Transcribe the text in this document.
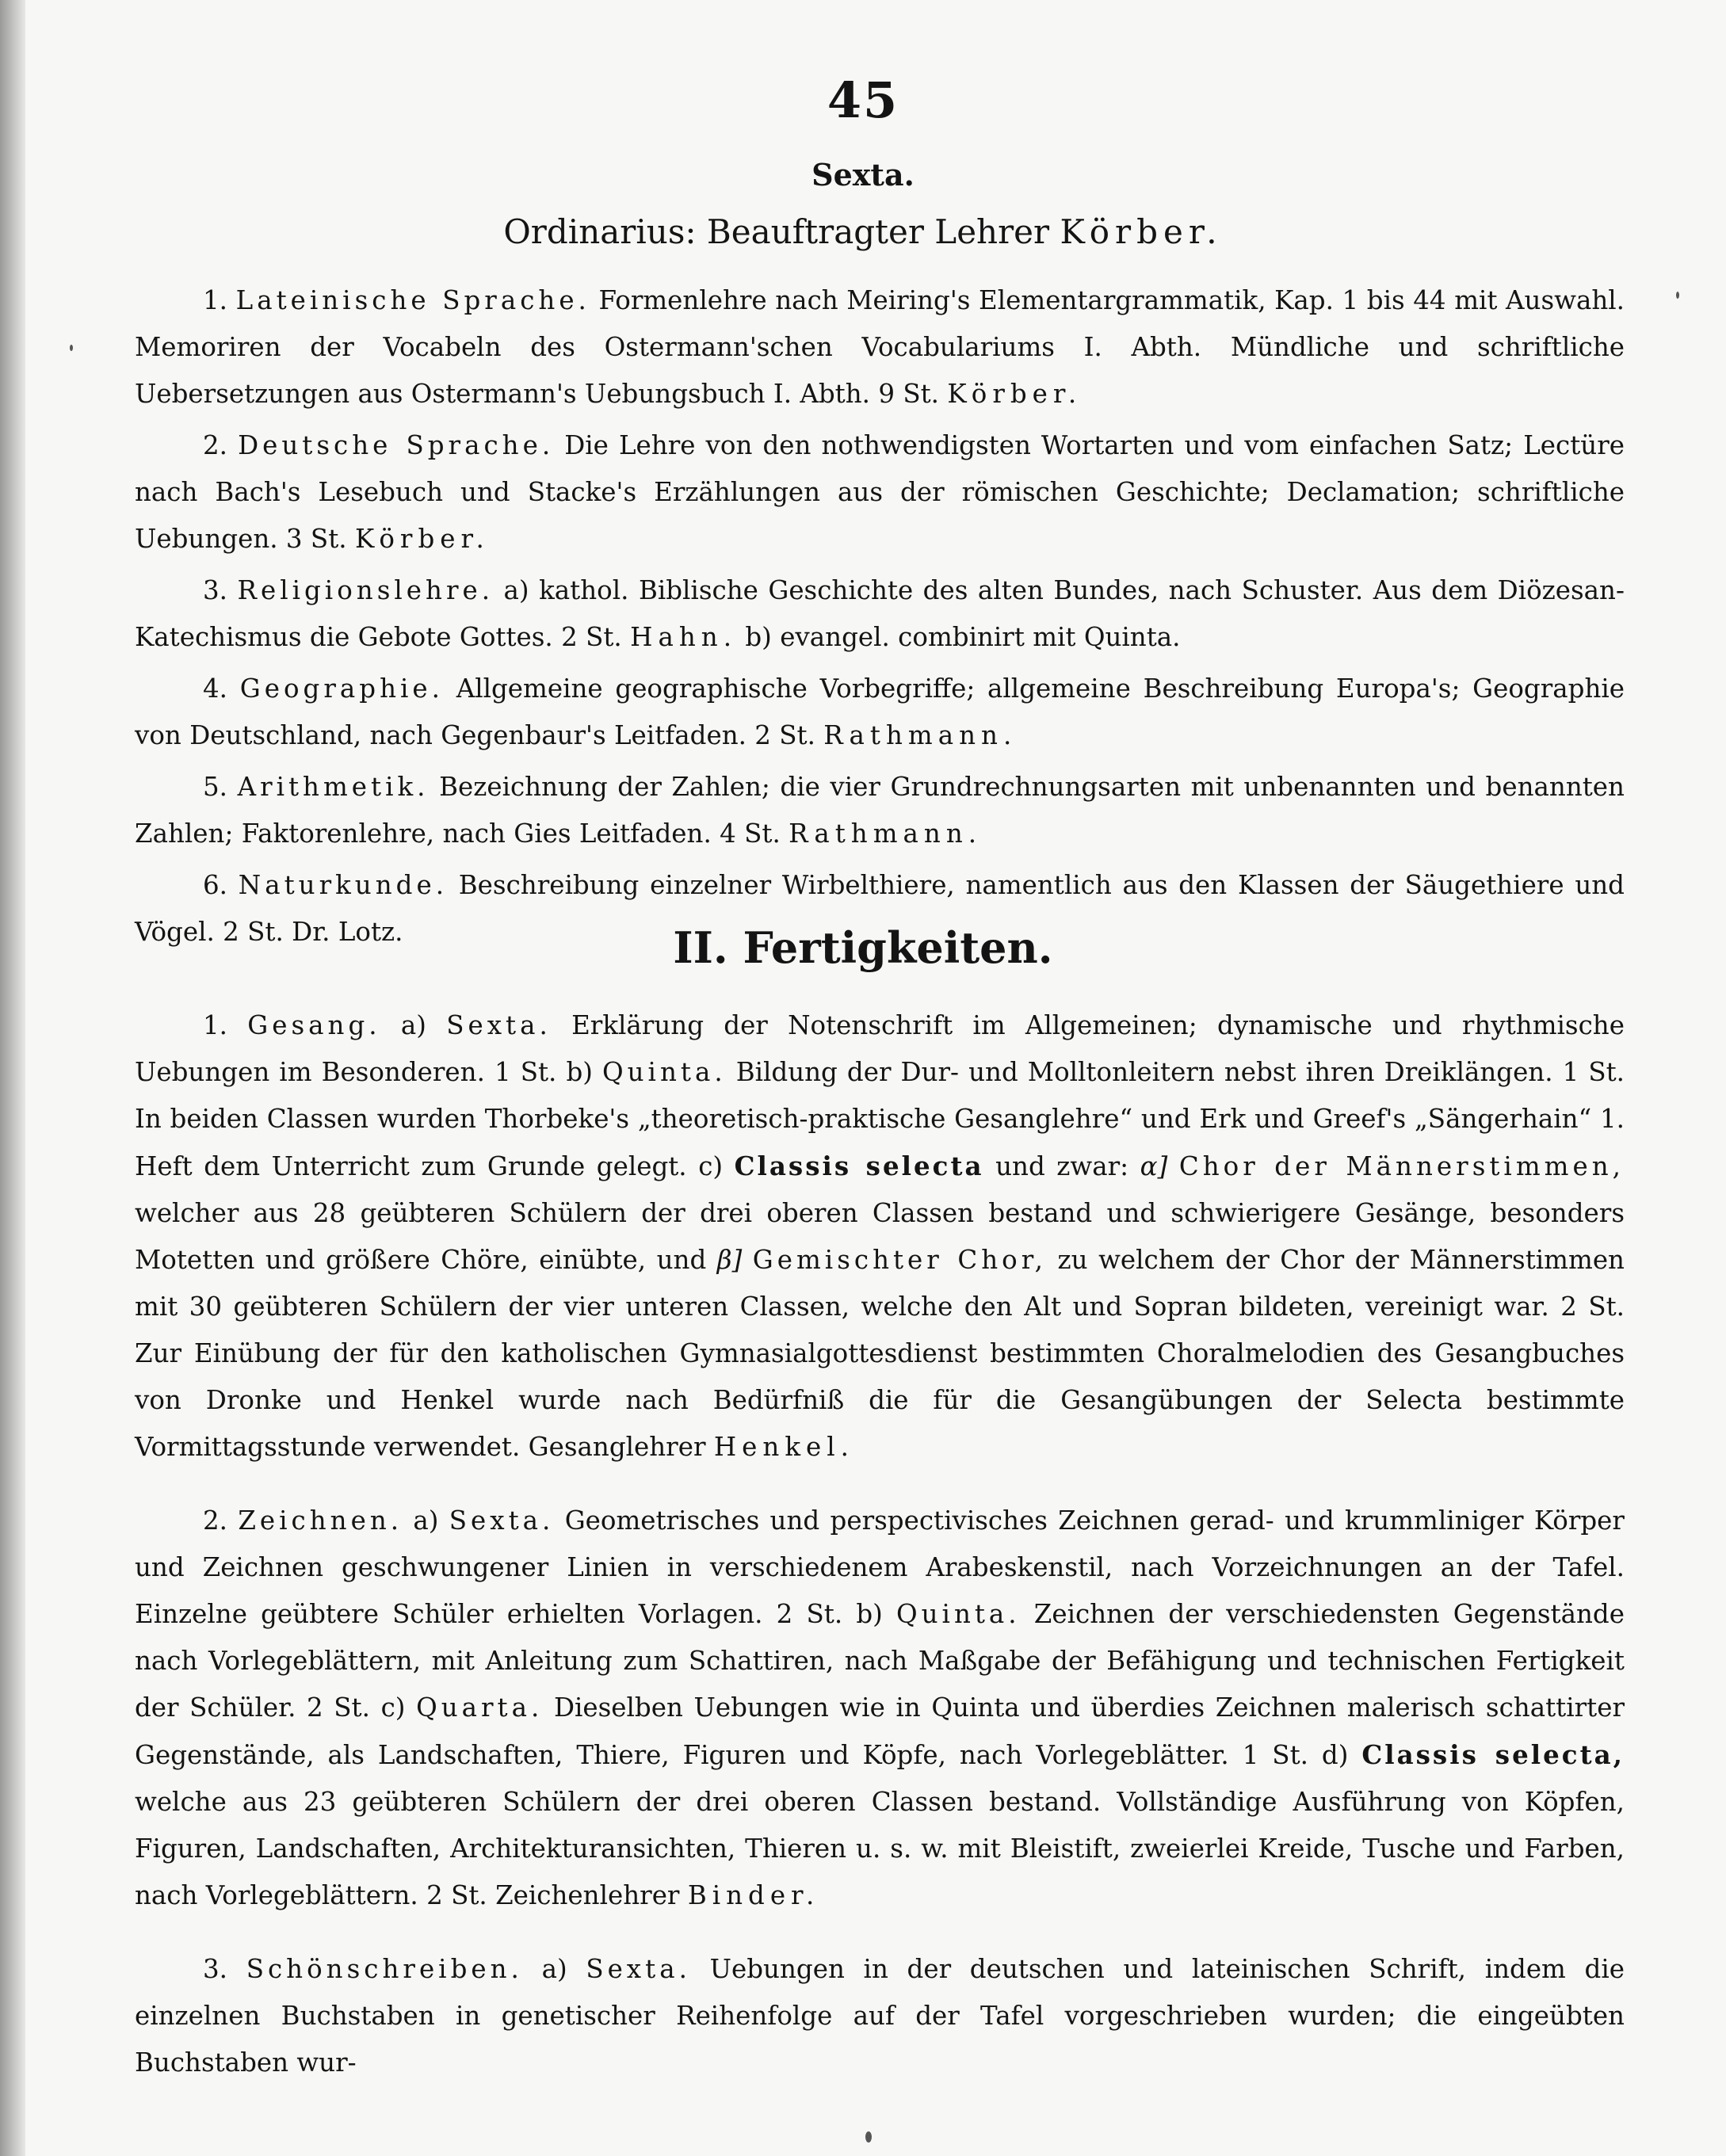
45
Sexta.
Ordinarius: Beauftragter Lehrer Körber.

1. Lateinische Sprache. Formenlehre nach Meiring's Elementargrammatik, Kap. 1 bis 44 mit Auswahl. Memoriren der Vocabeln des Ostermann'schen Vocabulariums I. Abth. Mündliche und schriftliche Uebersetzungen aus Ostermann's Uebungsbuch I. Abth. 9 St. Körber.

2. Deutsche Sprache. Die Lehre von den nothwendigsten Wortarten und vom einfachen Satz; Lectüre nach Bach's Lesebuch und Stacke's Erzählungen aus der römischen Geschichte; Declamation; schriftliche Uebungen. 3 St. Körber.

3. Religionslehre. a) kathol. Biblische Geschichte des alten Bundes, nach Schuster. Aus dem Diözesan-Katechismus die Gebote Gottes. 2 St. Hahn. b) evangel. combinirt mit Quinta.

4. Geographie. Allgemeine geographische Vorbegriffe; allgemeine Beschreibung Europa's; Geographie von Deutschland, nach Gegenbaur's Leitfaden. 2 St. Rathmann.

5. Arithmetik. Bezeichnung der Zahlen; die vier Grundrechnungsarten mit unbenannten und benannten Zahlen; Faktorenlehre, nach Gies Leitfaden. 4 St. Rathmann.

6. Naturkunde. Beschreibung einzelner Wirbelthiere, namentlich aus den Klassen der Säugethiere und Vögel. 2 St. Dr. Lotz.	II. Fertigkeiten.

1. Gesang. a) Sexta. Erklärung der Notenschrift im Allgemeinen; dynamische und rhythmische Uebungen im Besonderen. 1 St. b) Quinta. Bildung der Dur- und Molltonleitern nebst ihren Dreiklängen. 1 St. In beiden Classen wurden Thorbeke's „theoretisch-praktische Gesanglehre“ und Erk und Greef's „Sängerhain“ 1. Heft dem Unterricht zum Grunde gelegt. c) Classis selecta und zwar: α] Chor der Männerstimmen, welcher aus 28 geübteren Schülern der drei oberen Classen bestand und schwierigere Gesänge, besonders Motetten und größere Chöre, einübte, und β] Gemischter Chor, zu welchem der Chor der Männerstimmen mit 30 geübteren Schülern der vier unteren Classen, welche den Alt und Sopran bildeten, vereinigt war. 2 St. Zur Einübung der für den katholischen Gymnasialgottesdienst bestimmten Choralmelodien des Gesangbuches von Dronke und Henkel wurde nach Bedürfniß die für die Gesangübungen der Selecta bestimmte Vormittagsstunde verwendet. Gesanglehrer Henkel.

2. Zeichnen. a) Sexta. Geometrisches und perspectivisches Zeichnen gerad- und krummliniger Körper und Zeichnen geschwungener Linien in verschiedenem Arabeskenstil, nach Vorzeichnungen an der Tafel. Einzelne geübtere Schüler erhielten Vorlagen. 2 St. b) Quinta. Zeichnen der verschiedensten Gegenstände nach Vorlegeblättern, mit Anleitung zum Schattiren, nach Maßgabe der Befähigung und technischen Fertigkeit der Schüler. 2 St. c) Quarta. Dieselben Uebungen wie in Quinta und überdies Zeichnen malerisch schattirter Gegenstände, als Landschaften, Thiere, Figuren und Köpfe, nach Vorlegeblätter. 1 St. d) Classis selecta, welche aus 23 geübteren Schülern der drei oberen Classen bestand. Vollständige Ausführung von Köpfen, Figuren, Landschaften, Architekturansichten, Thieren u. s. w. mit Bleistift, zweierlei Kreide, Tusche und Farben, nach Vorlegeblättern. 2 St. Zeichenlehrer Binder.

3. Schönschreiben. a) Sexta. Uebungen in der deutschen und lateinischen Schrift, indem die einzelnen Buchstaben in genetischer Reihenfolge auf der Tafel vorgeschrieben wurden; die eingeübten Buchstaben wur-
